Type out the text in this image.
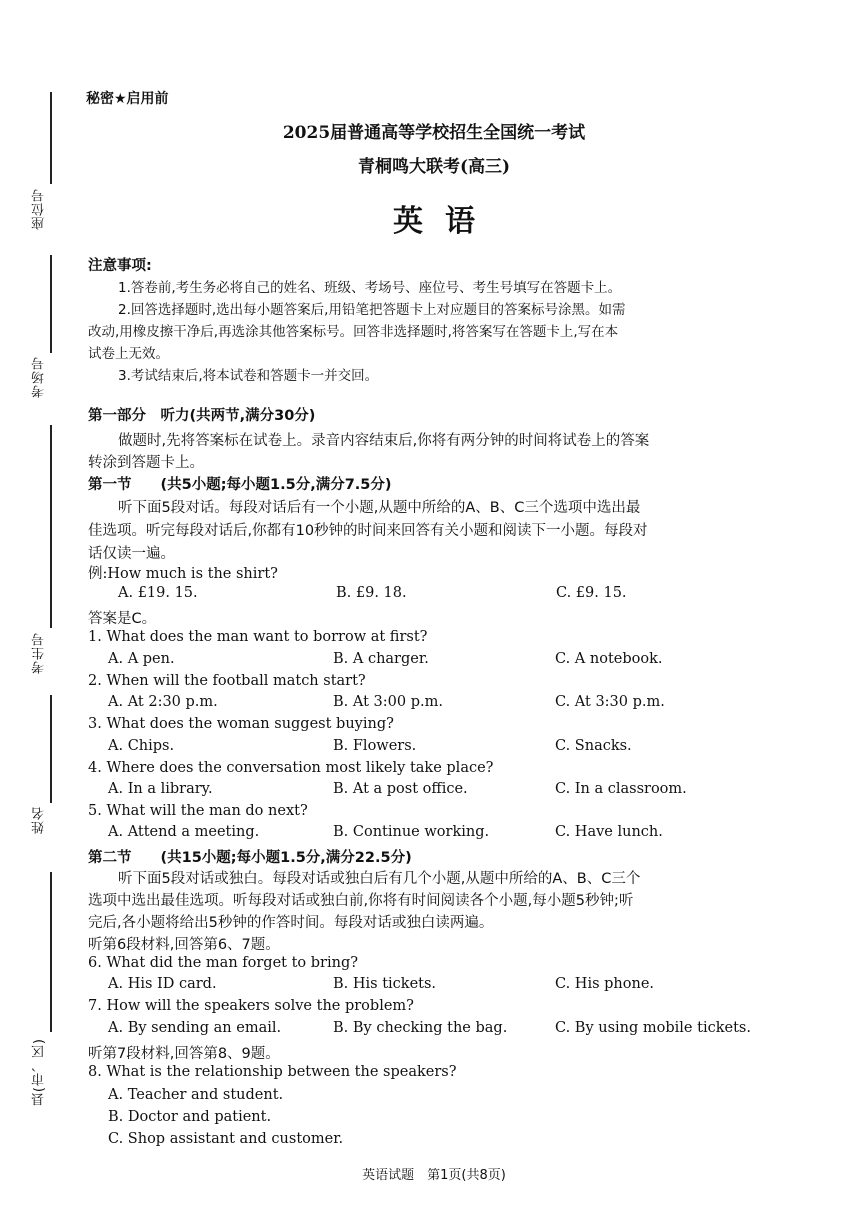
座位号
考场号
考生号
姓名
县(市、区)
秘密★启用前
2025届普通高等学校招生全国统一考试
青桐鸣大联考(高三)
英语
注意事项:
1.答卷前,考生务必将自己的姓名、班级、考场号、座位号、考生号填写在答题卡上。
2.回答选择题时,选出每小题答案后,用铅笔把答题卡上对应题目的答案标号涂黑。如需
改动,用橡皮擦干净后,再选涂其他答案标号。回答非选择题时,将答案写在答题卡上,写在本
试卷上无效。
3.考试结束后,将本试卷和答题卡一并交回。
第一部分　听力(共两节,满分30分)
做题时,先将答案标在试卷上。录音内容结束后,你将有两分钟的时间将试卷上的答案
转涂到答题卡上。
第一节　　(共5小题;每小题1.5分,满分7.5分)
听下面5段对话。每段对话后有一个小题,从题中所给的A、B、C三个选项中选出最
佳选项。听完每段对话后,你都有10秒钟的时间来回答有关小题和阅读下一小题。每段对
话仅读一遍。
例:How much is the shirt?
A. £19. 15.	B. £9. 18.	C. £9. 15.
答案是C。
1. What does the man want to borrow at first?
A. A pen.	B. A charger.	C. A notebook.
2. When will the football match start?
A. At 2:30 p.m.	B. At 3:00 p.m.	C. At 3:30 p.m.
3. What does the woman suggest buying?
A. Chips.	B. Flowers.	C. Snacks.
4. Where does the conversation most likely take place?
A. In a library.	B. At a post office.	C. In a classroom.
5. What will the man do next?
A. Attend a meeting.	B. Continue working.	C. Have lunch.
第二节　　(共15小题;每小题1.5分,满分22.5分)
听下面5段对话或独白。每段对话或独白后有几个小题,从题中所给的A、B、C三个
选项中选出最佳选项。听每段对话或独白前,你将有时间阅读各个小题,每小题5秒钟;听
完后,各小题将给出5秒钟的作答时间。每段对话或独白读两遍。
听第6段材料,回答第6、7题。
6. What did the man forget to bring?
A. His ID card.	B. His tickets.	C. His phone.
7. How will the speakers solve the problem?
A. By sending an email.	B. By checking the bag.	C. By using mobile tickets.
听第7段材料,回答第8、9题。
8. What is the relationship between the speakers?
A. Teacher and student.
B. Doctor and patient.
C. Shop assistant and customer.
英语试题　第1页(共8页)
